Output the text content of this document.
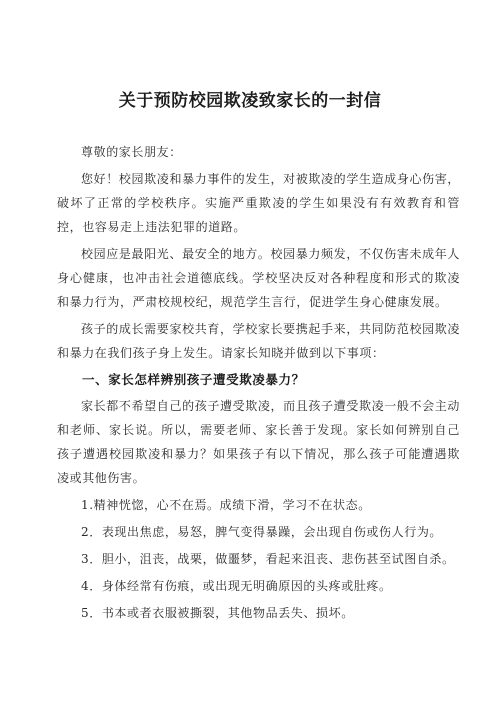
关于预防校园欺凌致家长的一封信

尊敬的家长朋友：

您好！校园欺凌和暴力事件的发生，对被欺凌的学生造成身心伤害，破坏了正常的学校秩序。实施严重欺凌的学生如果没有有效教育和管控，也容易走上违法犯罪的道路。

校园应是最阳光、最安全的地方。校园暴力频发，不仅伤害未成年人身心健康，也冲击社会道德底线。学校坚决反对各种程度和形式的欺凌和暴力行为，严肃校规校纪，规范学生言行，促进学生身心健康发展。

孩子的成长需要家校共育，学校家长要携起手来，共同防范校园欺凌和暴力在我们孩子身上发生。请家长知晓并做到以下事项：

一、家长怎样辨别孩子遭受欺凌暴力？

家长都不希望自己的孩子遭受欺凌，而且孩子遭受欺凌一般不会主动和老师、家长说。所以，需要老师、家长善于发现。家长如何辨别自己孩子遭遇校园欺凌和暴力？如果孩子有以下情况，那么孩子可能遭遇欺凌或其他伤害。

1.精神恍惚，心不在焉。成绩下滑，学习不在状态。

2．表现出焦虑，易怒，脾气变得暴躁，会出现自伤或伤人行为。

3．胆小，沮丧，战栗，做噩梦，看起来沮丧、悲伤甚至试图自杀。

4．身体经常有伤痕，或出现无明确原因的头疼或肚疼。

5．书本或者衣服被撕裂，其他物品丢失、损坏。
